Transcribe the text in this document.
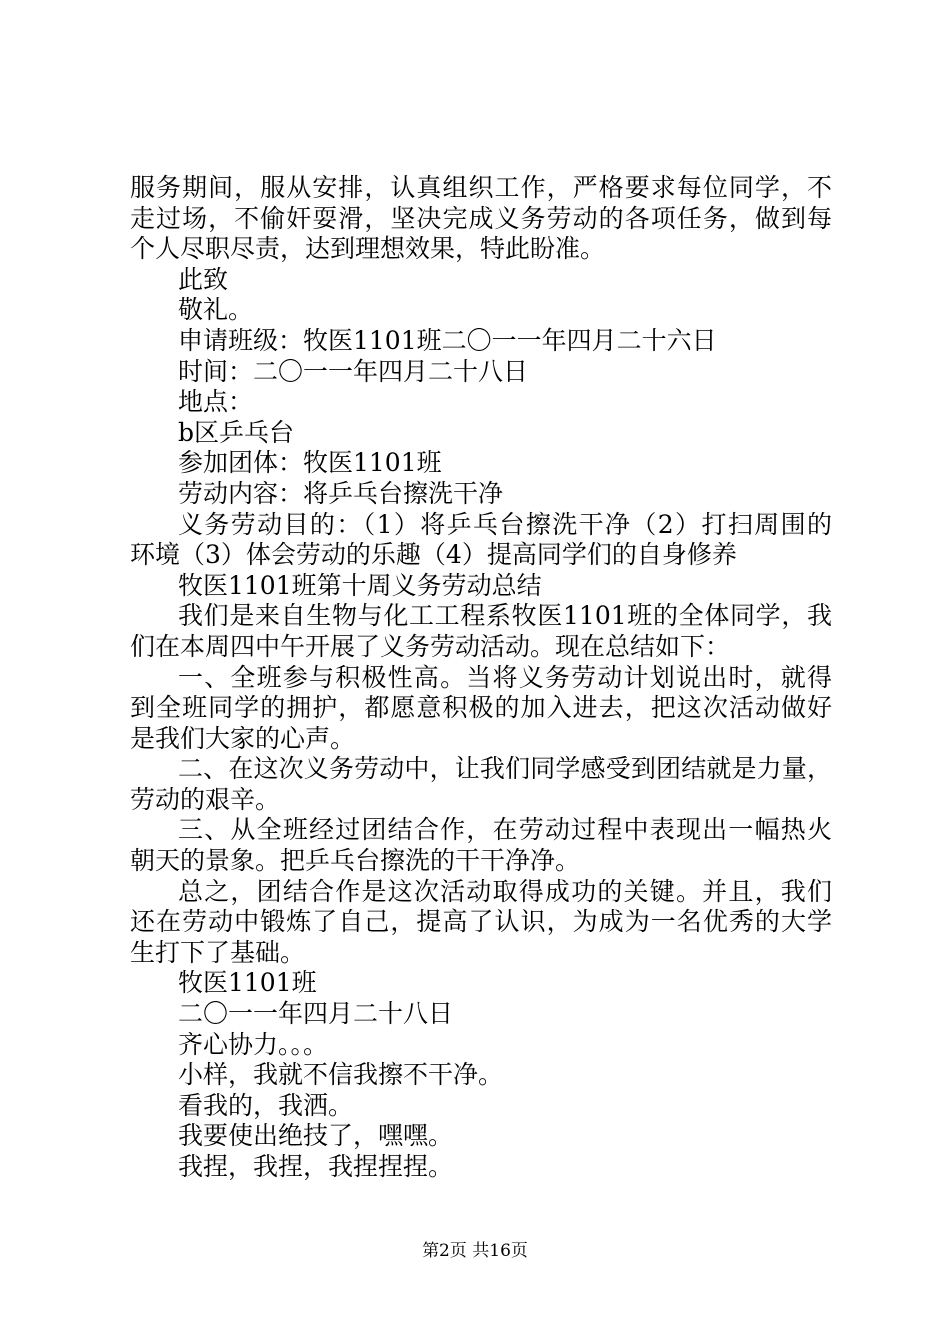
服务期间，服从安排，认真组织工作，严格要求每位同学，不
走过场，不偷奸耍滑，坚决完成义务劳动的各项任务，做到每
个人尽职尽责，达到理想效果，特此盼准。
此致
敬礼。
申请班级：牧医1101班二〇一一年四月二十六日
时间：二〇一一年四月二十八日
地点：
b区乒乓台
参加团体：牧医1101班
劳动内容：将乒乓台擦洗干净
义务劳动目的：（1）将乒乓台擦洗干净（2）打扫周围的
环境（3）体会劳动的乐趣（4）提高同学们的自身修养
牧医1101班第十周义务劳动总结
我们是来自生物与化工工程系牧医1101班的全体同学，我
们在本周四中午开展了义务劳动活动。现在总结如下：
一、全班参与积极性高。当将义务劳动计划说出时，就得
到全班同学的拥护，都愿意积极的加入进去，把这次活动做好
是我们大家的心声。
二、在这次义务劳动中，让我们同学感受到团结就是力量，
劳动的艰辛。
三、从全班经过团结合作，在劳动过程中表现出一幅热火
朝天的景象。把乒乓台擦洗的干干净净。
总之，团结合作是这次活动取得成功的关键。并且，我们
还在劳动中锻炼了自己，提高了认识，为成为一名优秀的大学
生打下了基础。
牧医1101班
二〇一一年四月二十八日
齐心协力。。。
小样，我就不信我擦不干净。
看我的，我洒。
我要使出绝技了，嘿嘿。
我捏，我捏，我捏捏捏。
第2页 共16页
